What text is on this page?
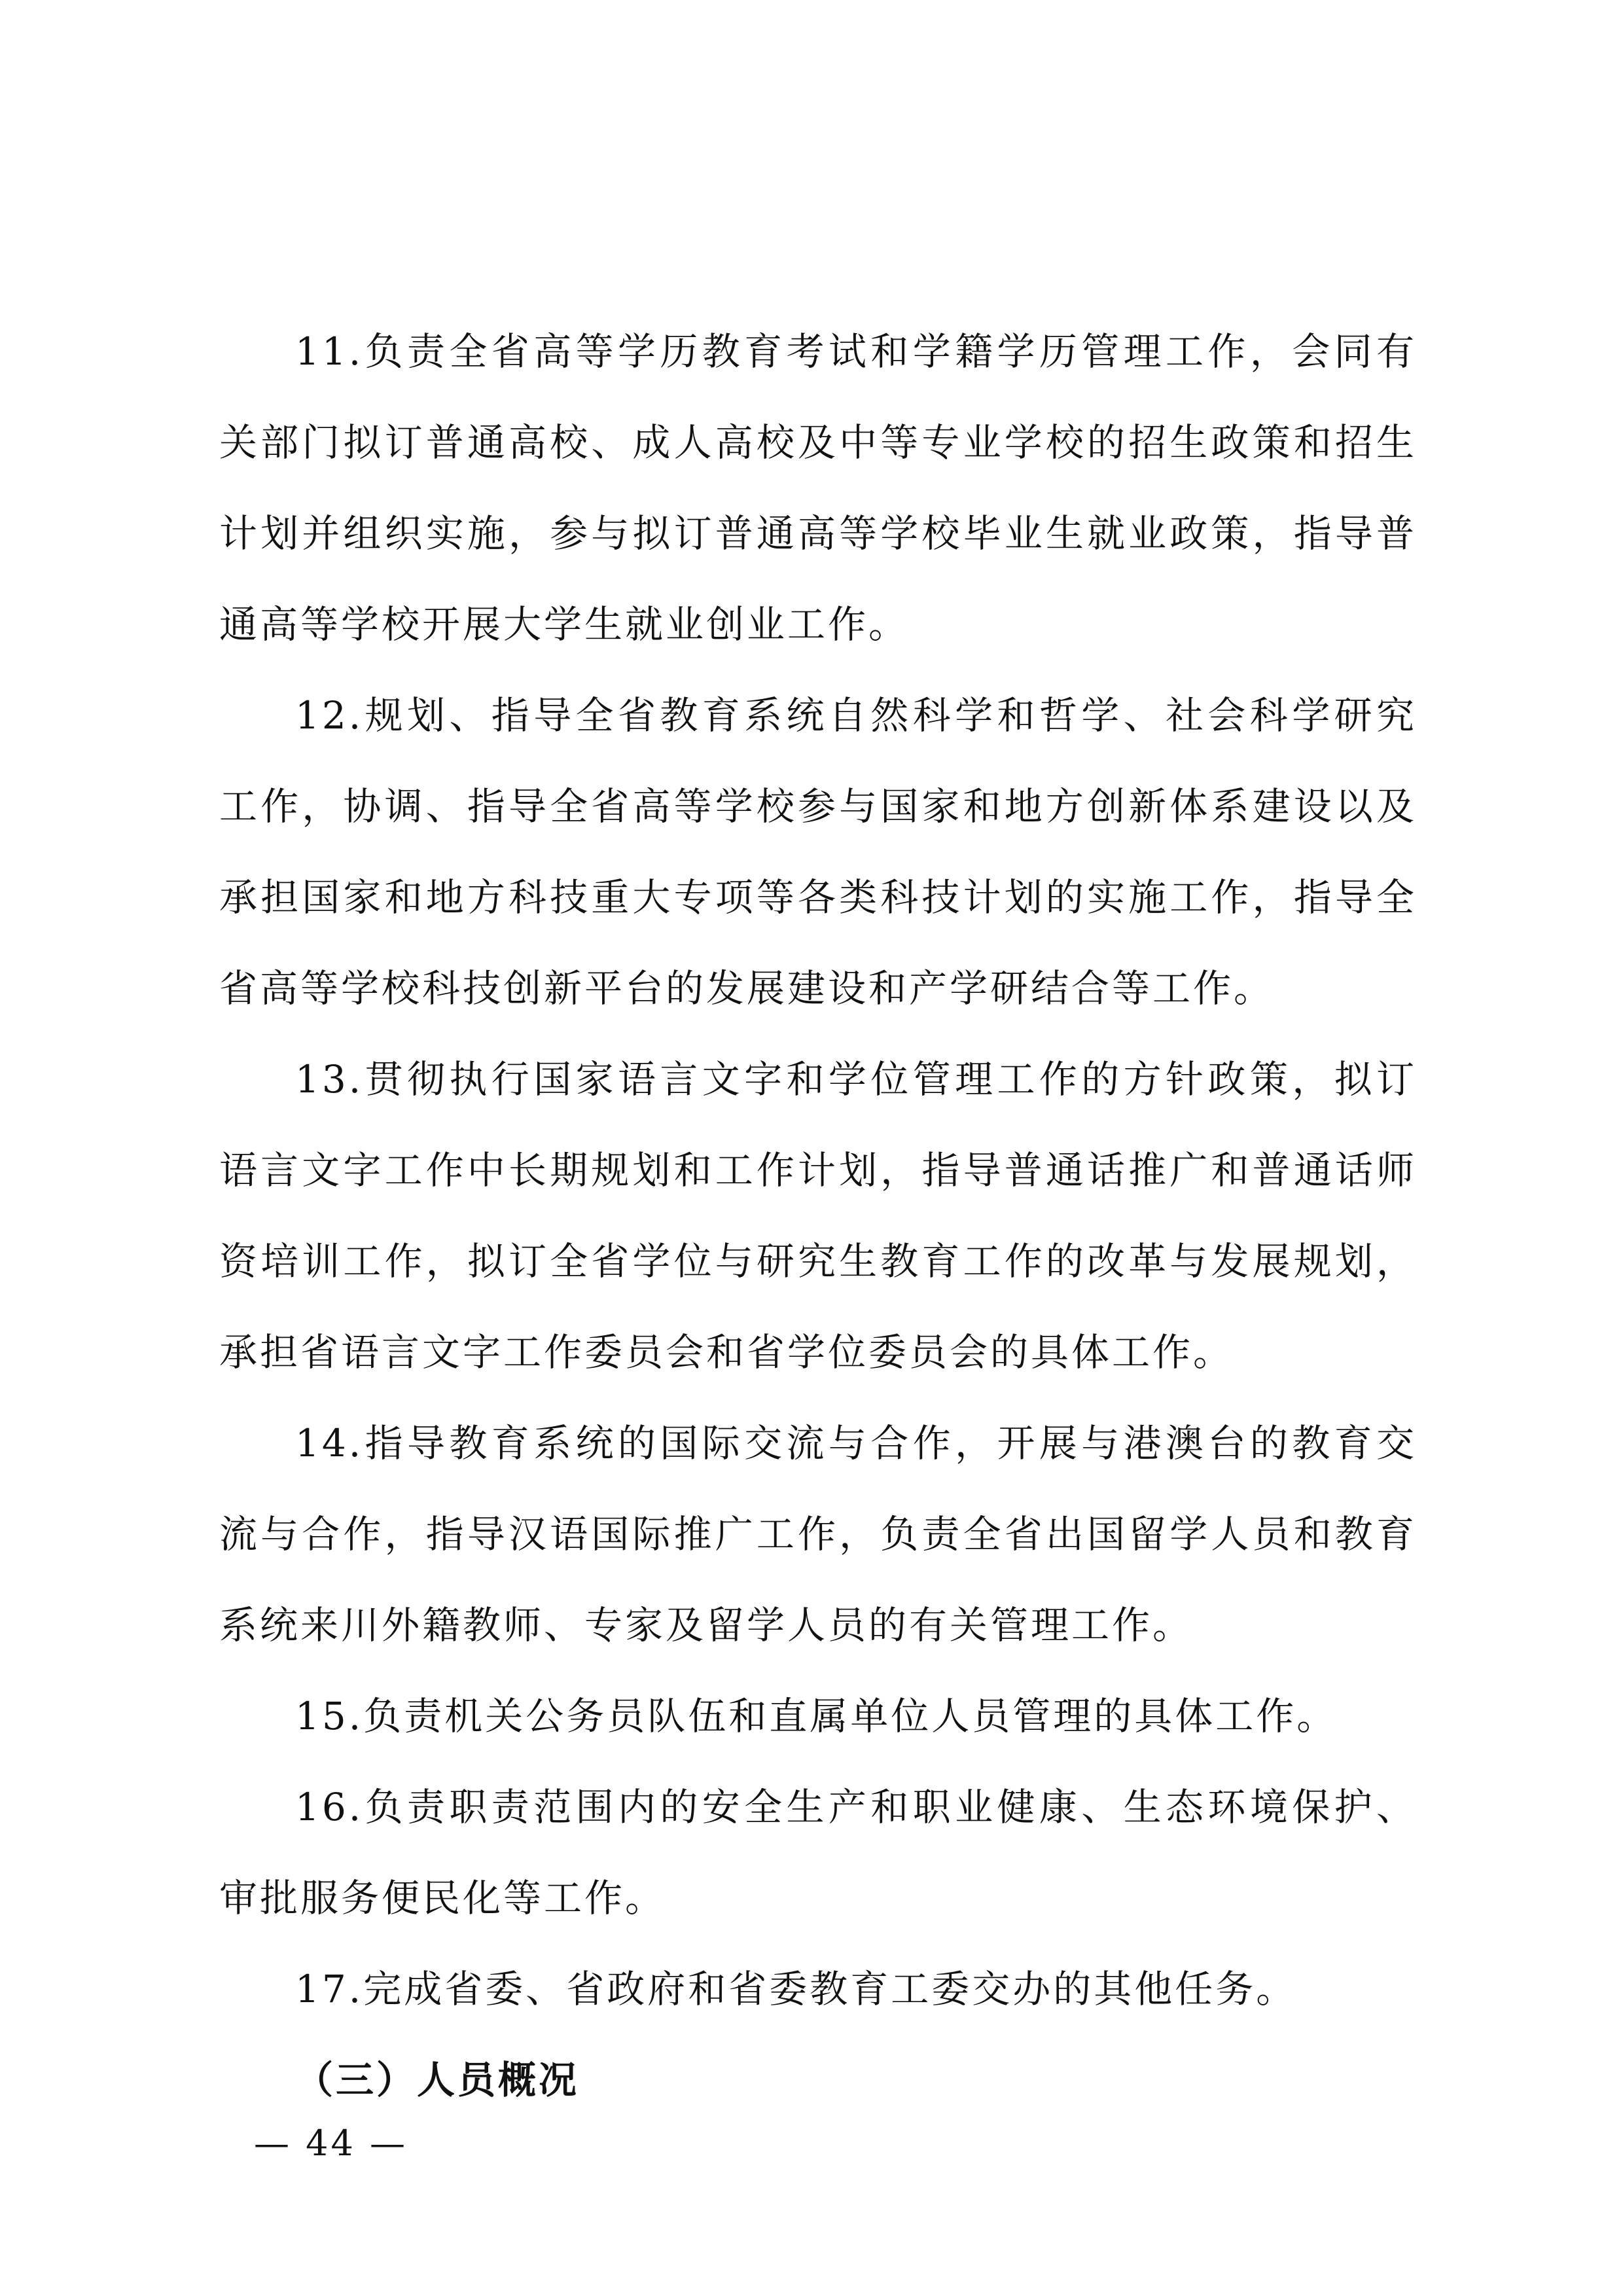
11.负责全省高等学历教育考试和学籍学历管理工作，会同有关部门拟订普通高校、成人高校及中等专业学校的招生政策和招生计划并组织实施，参与拟订普通高等学校毕业生就业政策，指导普通高等学校开展大学生就业创业工作。

12.规划、指导全省教育系统自然科学和哲学、社会科学研究工作，协调、指导全省高等学校参与国家和地方创新体系建设以及承担国家和地方科技重大专项等各类科技计划的实施工作，指导全省高等学校科技创新平台的发展建设和产学研结合等工作。

13.贯彻执行国家语言文字和学位管理工作的方针政策，拟订语言文字工作中长期规划和工作计划，指导普通话推广和普通话师资培训工作，拟订全省学位与研究生教育工作的改革与发展规划，承担省语言文字工作委员会和省学位委员会的具体工作。

14.指导教育系统的国际交流与合作，开展与港澳台的教育交流与合作，指导汉语国际推广工作，负责全省出国留学人员和教育系统来川外籍教师、专家及留学人员的有关管理工作。

15.负责机关公务员队伍和直属单位人员管理的具体工作。

16.负责职责范围内的安全生产和职业健康、生态环境保护、审批服务便民化等工作。

17.完成省委、省政府和省委教育工委交办的其他任务。

（三）人员概况

— 44 —
